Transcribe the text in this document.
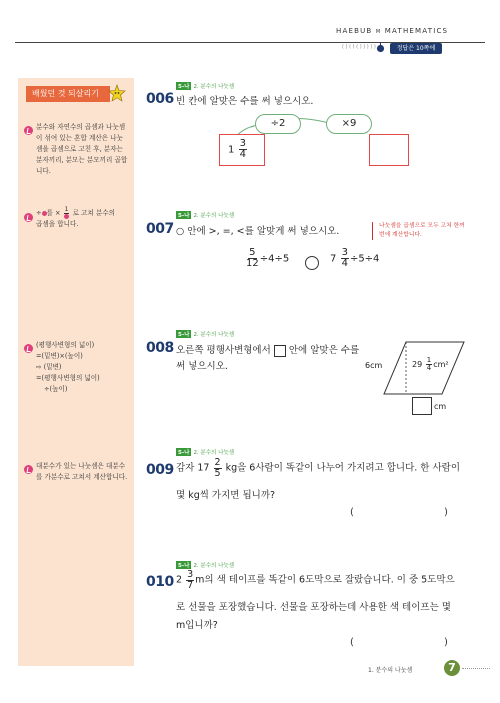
HAEBUB M MATHEMATICS
( ( ( ( ( ) ) ) ) )	정답은 10쪽에
배웠던 것 되살리기
분수와 자연수의 곱셈과 나눗셈이 섞여 있는 혼합 계산은 나눗셈을 곱셈으로 고친 후, 분자는 분자끼리, 분모는 분모끼리 곱합니다.
÷ 를 × 1 로 고쳐 분수의
곱셈을 합니다.
(평행사변형의 넓이)
=(밑변)×(높이)
⇨ (밑변)
=(평행사변형의 넓이)
÷(높이)
대분수가 있는 나눗셈은 대분수를 가분수로 고쳐서 계산합니다.
5-나 2. 분수의 나눗셈
006 빈 칸에 알맞은 수를 써 넣으시오.
÷2	×9
$1 \frac{3}{4}$
5-나 2. 분수의 나눗셈
007 ○ 안에 >, =, <를 알맞게 써 넣으시오.	나눗셈을 곱셈으로 모두 고쳐 한꺼번에 계산합니다.
$\frac{5}{12} \div 4\div 5$	$7 \frac{3}{4} \div 5\div 4$
5-나 2. 분수의 나눗셈
008 오른쪽 평행사변형에서 안에 알맞은 수를
써 넣으시오.	6cm	$29 \frac{1}{4} cm^2$
cm
5-나 2. 분수의 나눗셈
009 감자 $17 \frac{2}{5}$ kg을 6사람이 똑같이 나누어 가지려고 합니다. 한 사람이
몇 kg씩 가지면 됩니까?
(	)
5-나 2. 분수의 나눗셈
010 $2 \frac{3}{7}$ m의 색 테이프를 똑같이 6도막으로 잘랐습니다. 이 중 5도막으
로 선물을 포장했습니다. 선물을 포장하는데 사용한 색 테이프는 몇
m입니까?
(	)
1. 분수의 나눗셈	7
